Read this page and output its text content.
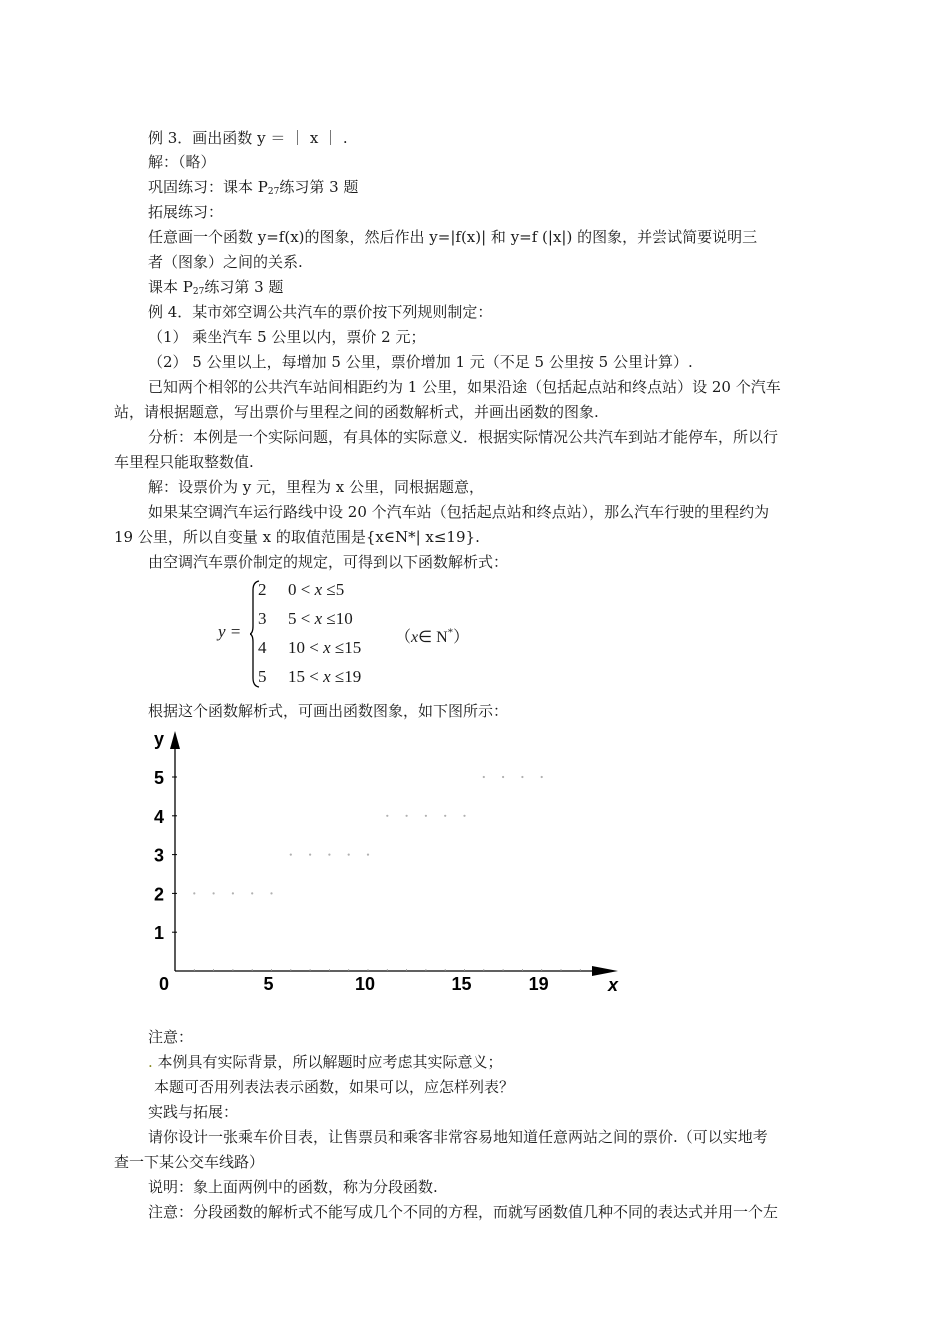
例 3．画出函数 y ＝ ｜ x ｜ .
解：（略）
巩固练习：课本 $P_{27}$练习第 3 题
拓展练习：
任意画一个函数 y=f(x)的图象，然后作出 y=|f(x)| 和 y=f (|x|) 的图象，并尝试简要说明三
者（图象）之间的关系.
课本 $P_{27}$练习第 3 题
例 4．某市郊空调公共汽车的票价按下列规则制定：
（1） 乘坐汽车 5 公里以内，票价 2 元；
（2） 5 公里以上，每增加 5 公里，票价增加 1 元（不足 5 公里按 5 公里计算）.
已知两个相邻的公共汽车站间相距约为 1 公里，如果沿途（包括起点站和终点站）设 20 个汽车
站，请根据题意，写出票价与里程之间的函数解析式，并画出函数的图象.
分析：本例是一个实际问题，有具体的实际意义．根据实际情况公共汽车到站才能停车，所以行
车里程只能取整数值.
解：设票价为 y 元，里程为 x 公里，同根据题意，
如果某空调汽车运行路线中设 20 个汽车站（包括起点站和终点站），那么汽车行驶的里程约为
19 公里，所以自变量 x 的取值范围是{x∈N*| x≤19}.
由空调汽车票价制定的规定，可得到以下函数解析式：
y =
2 0 < x ≤5
3 5 < x ≤10
4 10 < x ≤15
5 15 < x ≤19
（x∈ N*）
根据这个函数解析式，可画出函数图象，如下图所示：
1
2
3
4
5
0	5	10	15	19
y
x
注意：
. 本例具有实际背景，所以解题时应考虑其实际意义；
本题可否用列表法表示函数，如果可以，应怎样列表？
实践与拓展：
请你设计一张乘车价目表，让售票员和乘客非常容易地知道任意两站之间的票价.（可以实地考
查一下某公交车线路）
说明：象上面两例中的函数，称为分段函数.
注意：分段函数的解析式不能写成几个不同的方程，而就写函数值几种不同的表达式并用一个左
